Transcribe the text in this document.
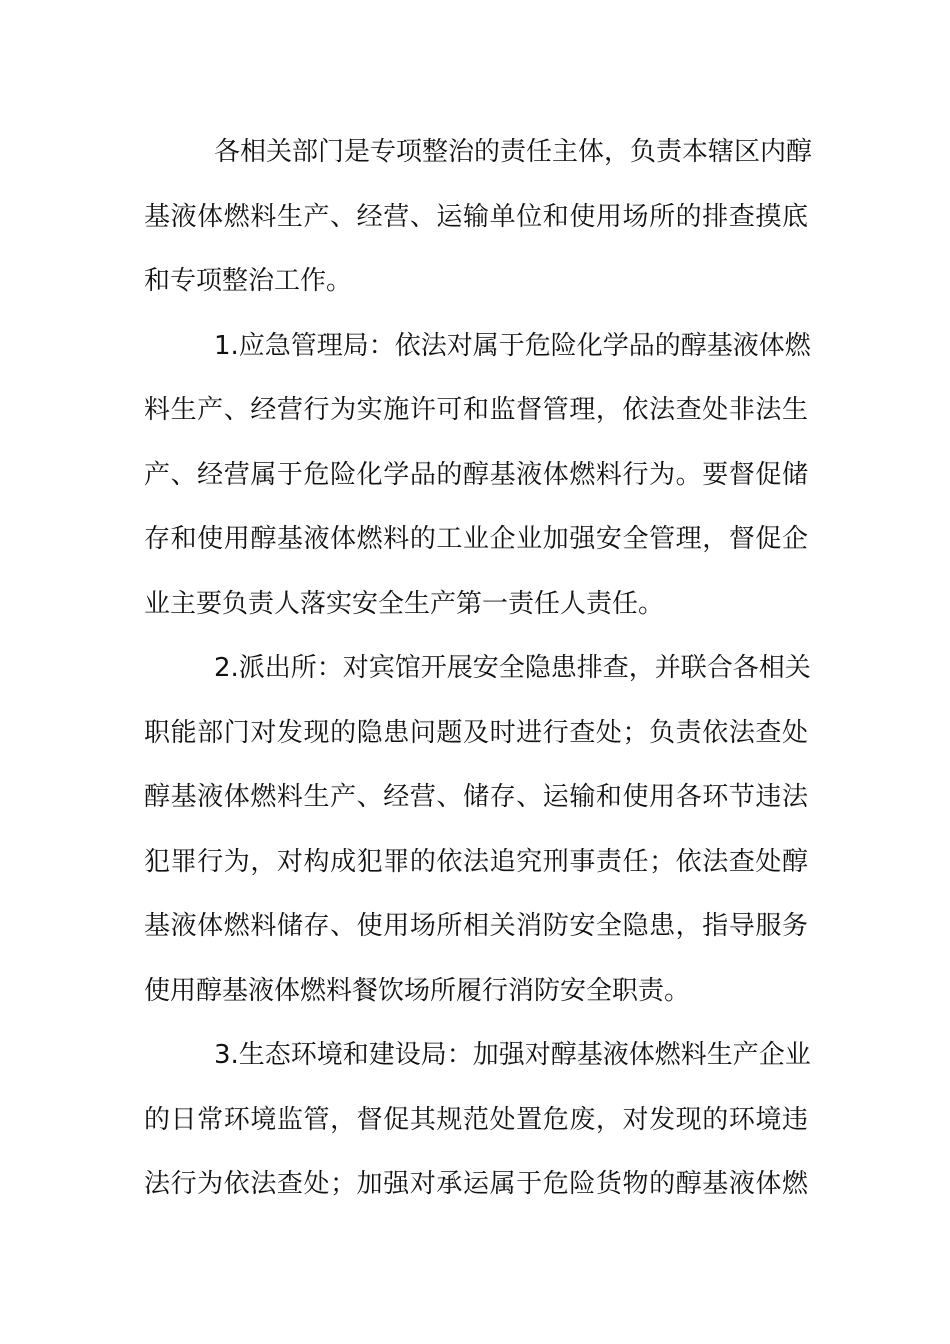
各相关部门是专项整治的责任主体，负责本辖区内醇
基液体燃料生产、经营、运输单位和使用场所的排查摸底
和专项整治工作。
1.应急管理局：依法对属于危险化学品的醇基液体燃
料生产、经营行为实施许可和监督管理，依法查处非法生
产、经营属于危险化学品的醇基液体燃料行为。要督促储
存和使用醇基液体燃料的工业企业加强安全管理，督促企
业主要负责人落实安全生产第一责任人责任。
2.派出所：对宾馆开展安全隐患排查，并联合各相关
职能部门对发现的隐患问题及时进行查处；负责依法查处
醇基液体燃料生产、经营、储存、运输和使用各环节违法
犯罪行为，对构成犯罪的依法追究刑事责任；依法查处醇
基液体燃料储存、使用场所相关消防安全隐患，指导服务
使用醇基液体燃料餐饮场所履行消防安全职责。
3.生态环境和建设局：加强对醇基液体燃料生产企业
的日常环境监管，督促其规范处置危废，对发现的环境违
法行为依法查处；加强对承运属于危险货物的醇基液体燃
